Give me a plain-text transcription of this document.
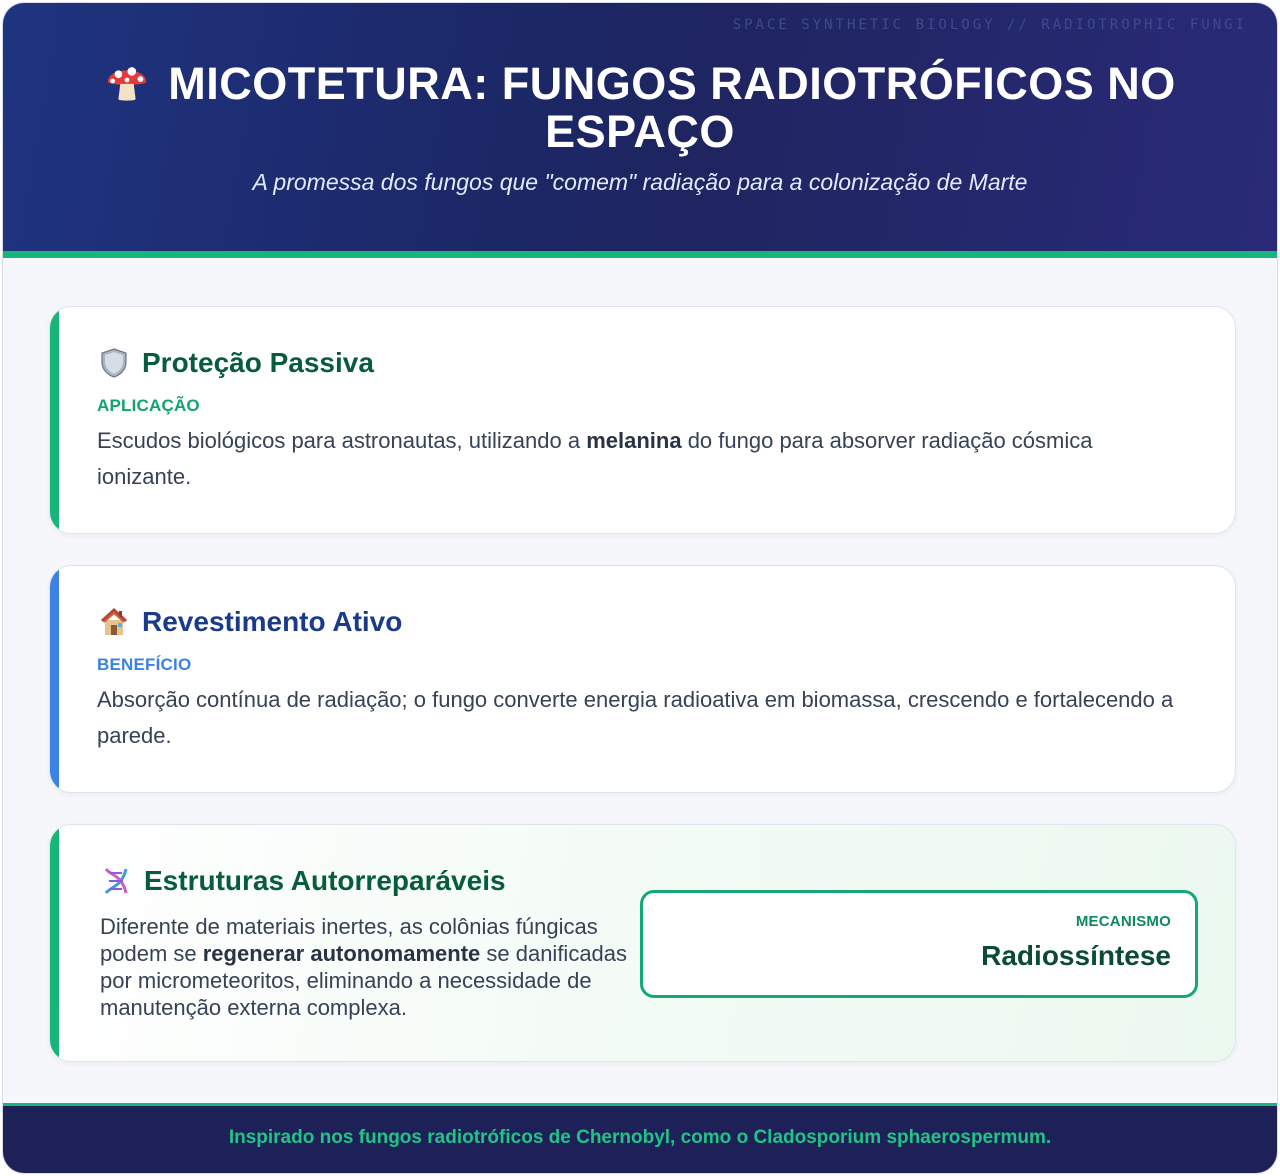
SPACE SYNTHETIC BIOLOGY // RADIOTROPHIC FUNGI
MICOTETURA: FUNGOS RADIOTRÓFICOS NO ESPAÇO
A promessa dos fungos que "comem" radiação para a colonização de Marte
Proteção Passiva
APLICAÇÃO
Escudos biológicos para astronautas, utilizando a melanina do fungo para absorver radiação cósmica ionizante.
Revestimento Ativo
BENEFÍCIO
Absorção contínua de radiação; o fungo converte energia radioativa em biomassa, crescendo e fortalecendo a parede.
Estruturas Autorreparáveis
Diferente de materiais inertes, as colônias fúngicas podem se regenerar autonomamente se danificadas por micrometeoritos, eliminando a necessidade de manutenção externa complexa.
MECANISMO
Radiossíntese
Inspirado nos fungos radiotróficos de Chernobyl, como o Cladosporium sphaerospermum.
